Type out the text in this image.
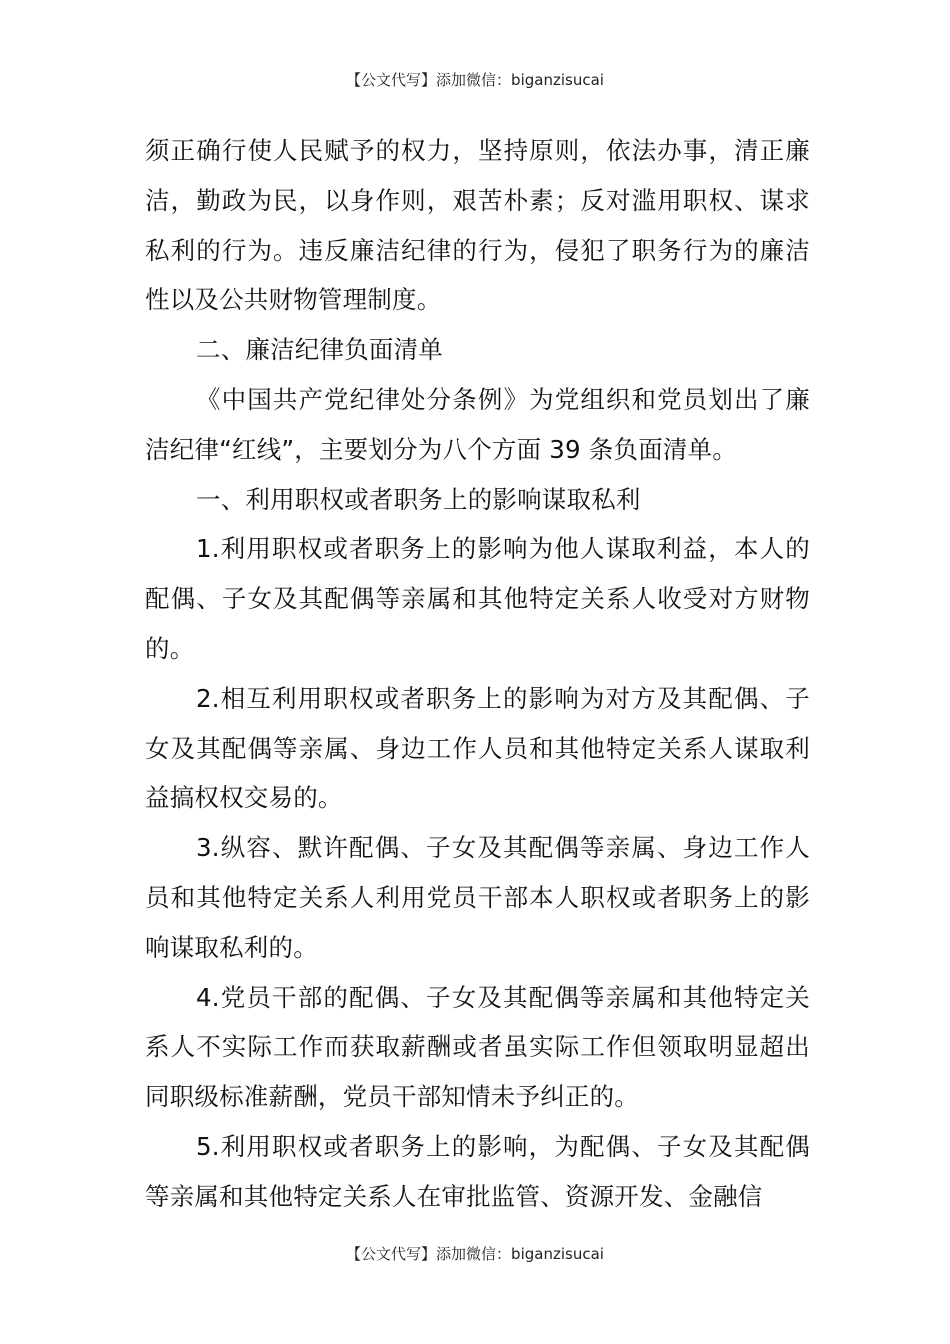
【公文代写】添加微信：biganzisucai

须正确行使人民赋予的权力，坚持原则，依法办事，清正廉洁，勤政为民，以身作则，艰苦朴素；反对滥用职权、谋求私利的行为。违反廉洁纪律的行为，侵犯了职务行为的廉洁性以及公共财物管理制度。

二、廉洁纪律负面清单

《中国共产党纪律处分条例》为党组织和党员划出了廉洁纪律“红线”，主要划分为八个方面 39 条负面清单。

一、利用职权或者职务上的影响谋取私利

1.利用职权或者职务上的影响为他人谋取利益，本人的配偶、子女及其配偶等亲属和其他特定关系人收受对方财物的。

2.相互利用职权或者职务上的影响为对方及其配偶、子女及其配偶等亲属、身边工作人员和其他特定关系人谋取利益搞权权交易的。

3.纵容、默许配偶、子女及其配偶等亲属、身边工作人员和其他特定关系人利用党员干部本人职权或者职务上的影响谋取私利的。

4.党员干部的配偶、子女及其配偶等亲属和其他特定关系人不实际工作而获取薪酬或者虽实际工作但领取明显超出同职级标准薪酬，党员干部知情未予纠正的。

5.利用职权或者职务上的影响，为配偶、子女及其配偶等亲属和其他特定关系人在审批监管、资源开发、金融信

【公文代写】添加微信：biganzisucai
